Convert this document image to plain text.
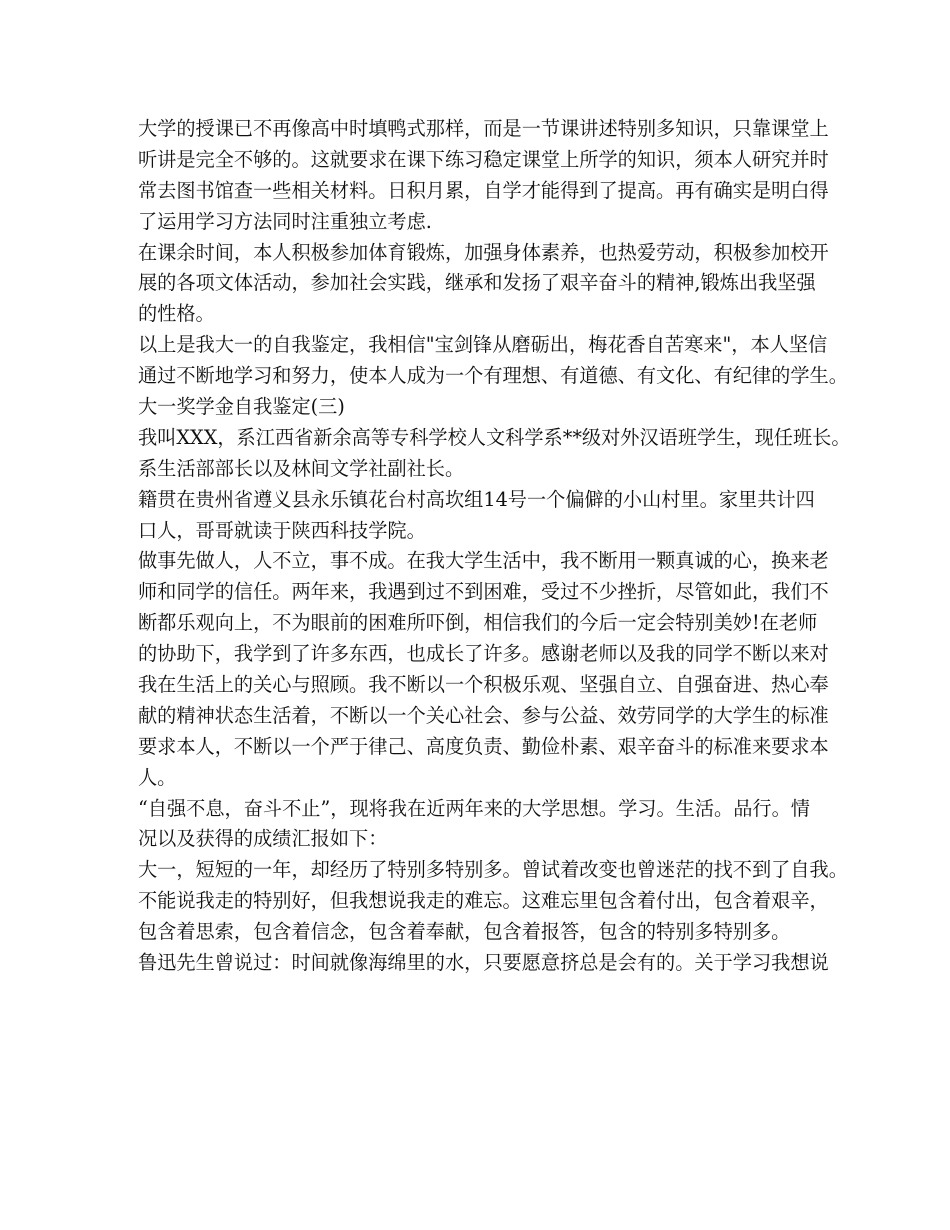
大学的授课已不再像高中时填鸭式那样，而是一节课讲述特别多知识，只靠课堂上
听讲是完全不够的。这就要求在课下练习稳定课堂上所学的知识，须本人研究并时
常去图书馆查一些相关材料。日积月累，自学才能得到了提高。再有确实是明白得
了运用学习方法同时注重独立考虑.
在课余时间，本人积极参加体育锻炼，加强身体素养，也热爱劳动，积极参加校开
展的各项文体活动，参加社会实践，继承和发扬了艰辛奋斗的精神,锻炼出我坚强
的性格。
以上是我大一的自我鉴定，我相信"宝剑锋从磨砺出，梅花香自苦寒来"，本人坚信
通过不断地学习和努力，使本人成为一个有理想、有道德、有文化、有纪律的学生。
大一奖学金自我鉴定(三)
我叫XXX，系江西省新余高等专科学校人文科学系**级对外汉语班学生，现任班长。
系生活部部长以及林间文学社副社长。
籍贯在贵州省遵义县永乐镇花台村高坎组14号一个偏僻的小山村里。家里共计四
口人，哥哥就读于陕西科技学院。
做事先做人，人不立，事不成。在我大学生活中，我不断用一颗真诚的心，换来老
师和同学的信任。两年来，我遇到过不到困难，受过不少挫折，尽管如此，我们不
断都乐观向上，不为眼前的困难所吓倒，相信我们的今后一定会特别美妙!在老师
的协助下，我学到了许多东西，也成长了许多。感谢老师以及我的同学不断以来对
我在生活上的关心与照顾。我不断以一个积极乐观、坚强自立、自强奋进、热心奉
献的精神状态生活着，不断以一个关心社会、参与公益、效劳同学的大学生的标准
要求本人，不断以一个严于律己、高度负责、勤俭朴素、艰辛奋斗的标准来要求本
人。
“自强不息，奋斗不止”，现将我在近两年来的大学思想。学习。生活。品行。情
况以及获得的成绩汇报如下：
大一，短短的一年，却经历了特别多特别多。曾试着改变也曾迷茫的找不到了自我。
不能说我走的特别好，但我想说我走的难忘。这难忘里包含着付出，包含着艰辛，
包含着思索，包含着信念，包含着奉献，包含着报答，包含的特别多特别多。
鲁迅先生曾说过：时间就像海绵里的水，只要愿意挤总是会有的。关于学习我想说
